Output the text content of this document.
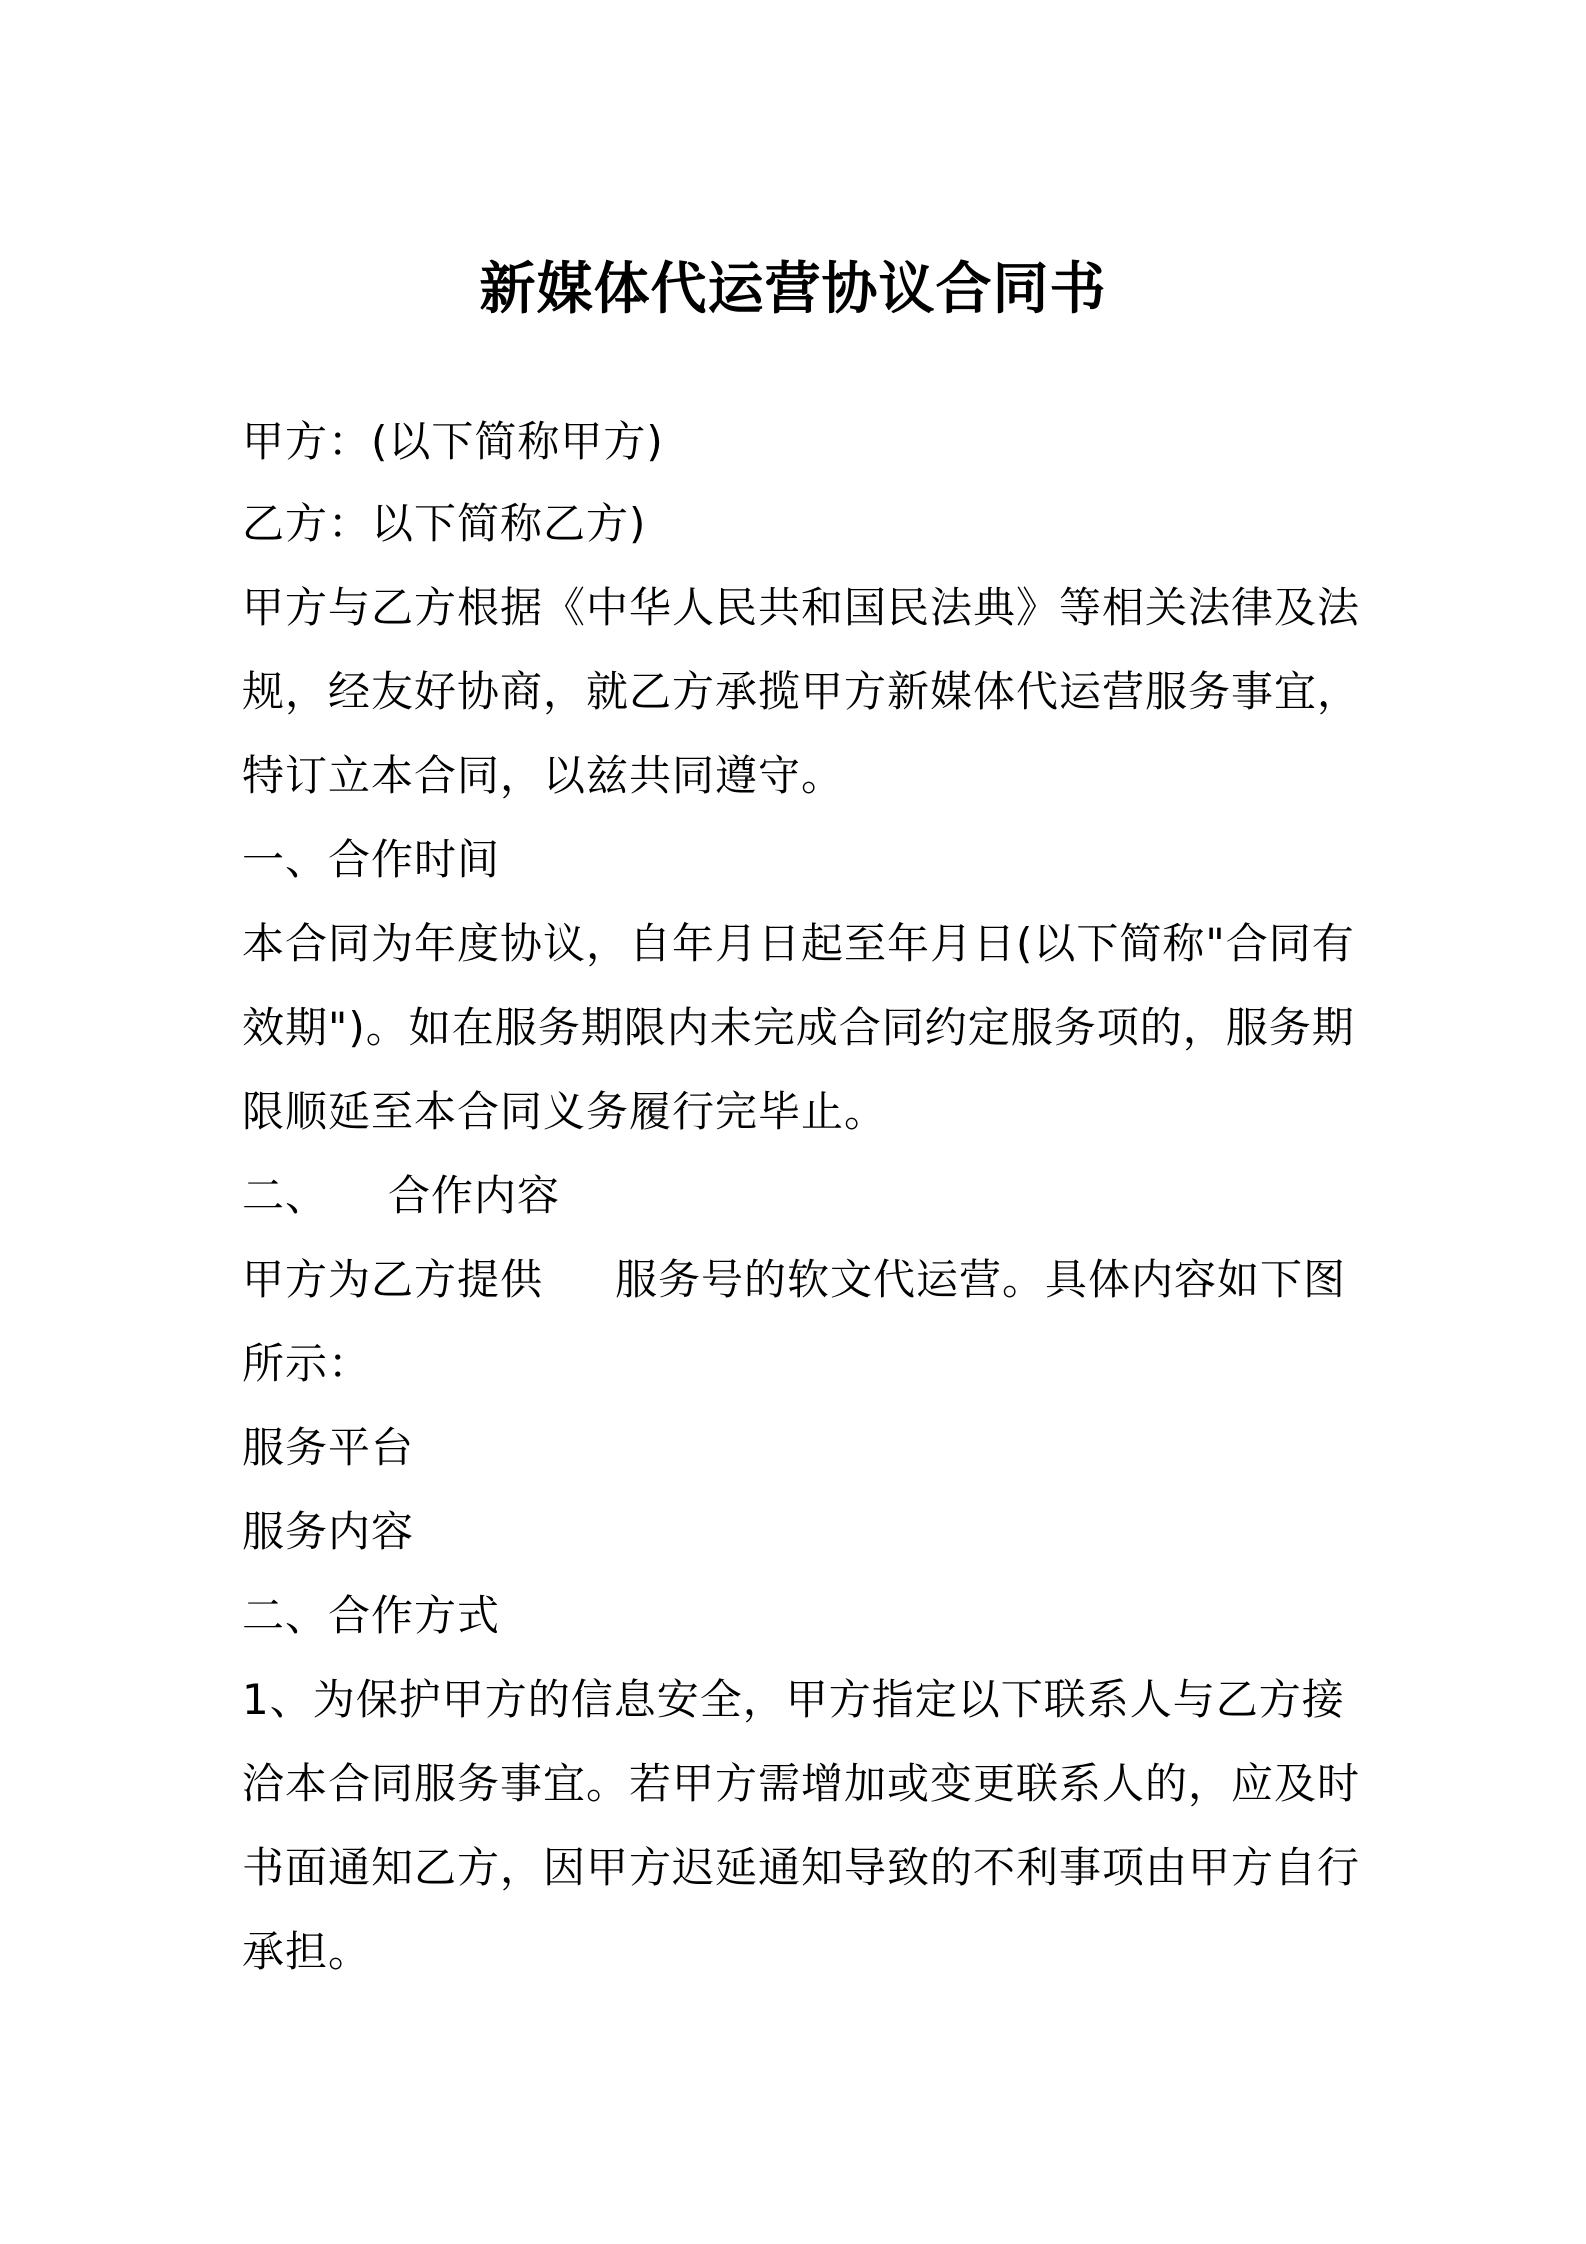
新媒体代运营协议合同书
甲方：(以下简称甲方)
乙方：以下简称乙方)
甲方与乙方根据《中华人民共和国民法典》等相关法律及法
规，经友好协商，就乙方承揽甲方新媒体代运营服务事宜，
特订立本合同，以兹共同遵守。
一、合作时间
本合同为年度协议，自年月日起至年月日(以下简称"合同有
效期")。如在服务期限内未完成合同约定服务项的，服务期
限顺延至本合同义务履行完毕止。
二、 合作内容
甲方为乙方提供 服务号的软文代运营。具体内容如下图
所示：
服务平台
服务内容
二、合作方式
1、为保护甲方的信息安全，甲方指定以下联系人与乙方接
洽本合同服务事宜。若甲方需增加或变更联系人的，应及时
书面通知乙方，因甲方迟延通知导致的不利事项由甲方自行
承担。
